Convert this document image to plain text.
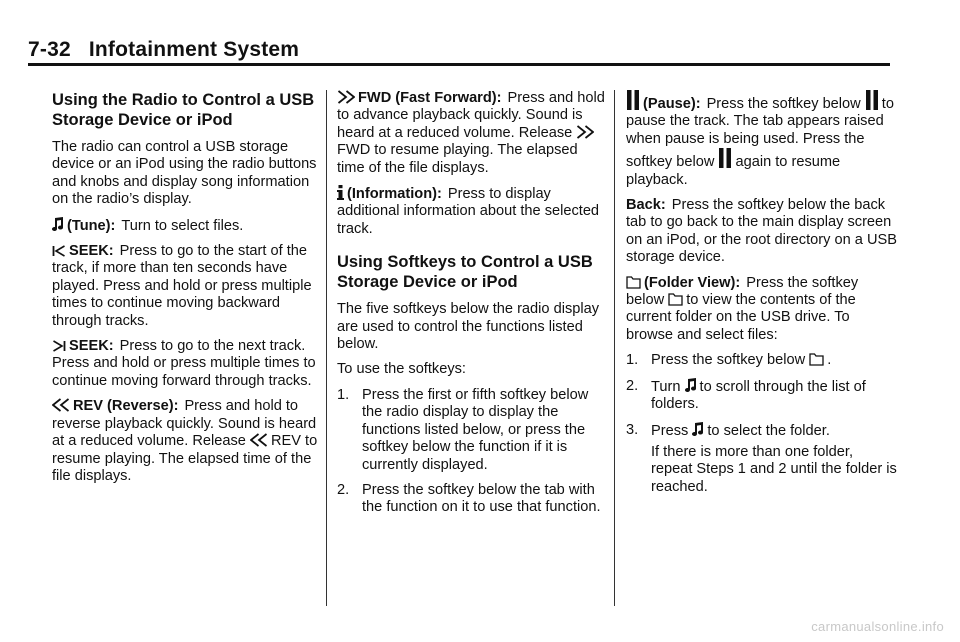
7-32 Infotainment System
Using the Radio to Control a USB Storage Device or iPod

The radio can control a USB storage device or an iPod using the radio buttons and knobs and display song information on the radio’s display.

(Tune): Turn to select files.

SEEK: Press to go to the start of the track, if more than ten seconds have played. Press and hold or press multiple times to continue moving backward through tracks.

SEEK: Press to go to the next track. Press and hold or press multiple times to continue moving forward through tracks.

REV (Reverse): Press and hold to reverse playback quickly. Sound is heard at a reduced volume. Release REV to resume playing. The elapsed time of the file displays.

FWD (Fast Forward): Press and hold to advance playback quickly. Sound is heard at a reduced volume. Release
FWD to resume playing. The elapsed time of the file displays.

(Information): Press to display additional information about the selected track.

Using Softkeys to Control a USB Storage Device or iPod

The five softkeys below the radio display are used to control the functions listed below.

To use the softkeys:

1. Press the first or fifth softkey below the radio display to display the functions listed below, or press the softkey below the function if it is currently displayed.
2. Press the softkey below the tab with the function on it to use that function.

(Pause): Press the softkey below to pause the track. The tab appears raised when pause is being used. Press the softkey below again to resume playback.

Back: Press the softkey below the back tab to go back to the main display screen on an iPod, or the root directory on a USB storage device.

(Folder View): Press the softkey below to view the contents of the current folder on the USB drive. To browse and select files:

1. Press the softkey below .
2. Turn to scroll through the list of folders.
3. Press to select the folder.

If there is more than one folder, repeat Steps 1 and 2 until the folder is reached.

carmanualsonline.info
